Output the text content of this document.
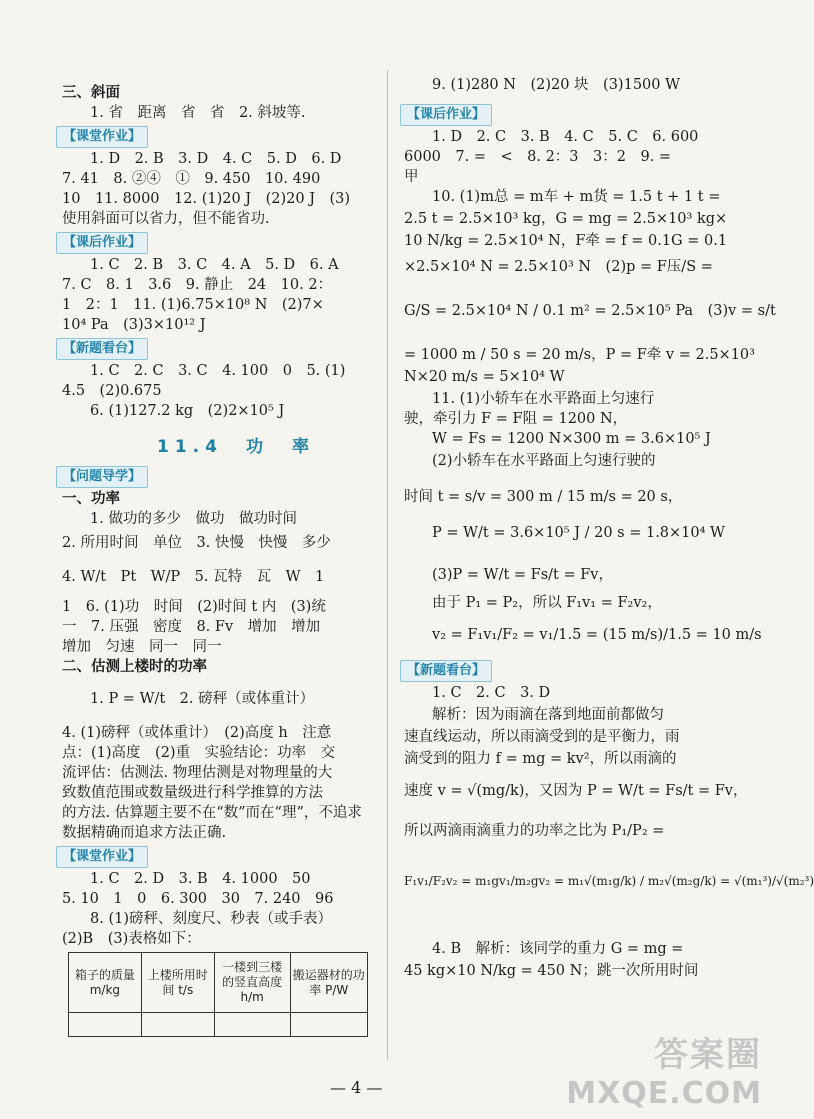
三、斜面
1. 省　距离　省　省　2. 斜坡等.
【 课堂作业 】
1. D　2. B　3. D　4. C　5. D　6. D
7. 41　8. ②④　①　9. 450　10. 490
10　11. 8000　12. (1)20 J　(2)20 J　(3)
使用斜面可以省力，但不能省功.
【 课后作业 】
1. C　2. B　3. C　4. A　5. D　6. A
7. C　8. 1　3.6　9. 静止　24　10. 2：
1　2：1　11. (1)6.75×10⁸ N　(2)7×
10⁴ Pa　(3)3×10¹² J
【 新题看台 】
1. C　2. C　3. C　4. 100　0　5. (1)
4.5　(2)0.675
6. (1)127.2 kg　(2)2×10⁵ J
11.4　功　率
【 问题导学 】
一、功率
1. 做功的多少　做功　做功时间
2. 所用时间　单位　3. 快慢　快慢　多少
4. W/t　Pt　W/P　5. 瓦特　瓦　W　1
1　6. (1)功　时间　(2)时间 t 内　(3)统
一　7. 压强　密度　8. Fv　增加　增加
增加　匀速　同一　同一
二、估测上楼时的功率
1. P = W/t　2. 磅秤（或体重计）
4. (1)磅秤（或体重计）　(2)高度 h　注意
点：(1)高度　(2)重　实验结论：功率　交
流评估：估测法. 物理估测是对物理量的大
致数值范围或数量级进行科学推算的方法
的方法. 估算题主要不在“数”而在“理”，不追求
数据精确而追求方法正确.
【 课堂作业 】
1. C　2. D　3. B　4. 1000　50
5. 10　1　0　6. 300　30　7. 240　96
8. (1)磅秤、刻度尺、秒表（或手表）
(2)B　(3)表格如下：
箱子的质量 m/kg	上楼所用时间 t/s	一楼到三楼的竖直高度 h/m	搬运器材的功率 P/W

9. (1)280 N　(2)20 块　(3)1500 W
【 课后作业 】
1. D　2. C　3. B　4. C　5. C　6. 600
6000　7. =　<　8. 2：3　3：2　9. =
甲
10. (1)m总 = m车 + m货 = 1.5 t + 1 t =
2.5 t = 2.5×10³ kg，G = mg = 2.5×10³ kg×
10 N/kg = 2.5×10⁴ N，F牵 = f = 0.1G = 0.1
×2.5×10⁴ N = 2.5×10³ N　(2)p = F压/S =
G/S = 2.5×10⁴ N / 0.1 m² = 2.5×10⁵ Pa　(3)v = s/t
= 1000 m / 50 s = 20 m/s，P = F牵 v = 2.5×10³
N×20 m/s = 5×10⁴ W
11. (1)小轿车在水平路面上匀速行
驶，牵引力 F = F阻 = 1200 N，
W = Fs = 1200 N×300 m = 3.6×10⁵ J
(2)小轿车在水平路面上匀速行驶的
时间 t = s/v = 300 m / 15 m/s = 20 s，
P = W/t = 3.6×10⁵ J / 20 s = 1.8×10⁴ W
(3)P = W/t = Fs/t = Fv，
由于 P₁ = P₂，所以 F₁v₁ = F₂v₂，
v₂ = F₁v₁/F₂ = v₁/1.5 = (15 m/s)/1.5 = 10 m/s
【 新题看台 】
1. C　2. C　3. D
解析：因为雨滴在落到地面前都做匀
速直线运动，所以雨滴受到的是平衡力，雨
滴受到的阻力 f = mg = kv²，所以雨滴的
速度 v = √(mg/k)，又因为 P = W/t = Fs/t = Fv，
所以两滴雨滴重力的功率之比为 P₁/P₂ =
F₁v₁/F₂v₂ = m₁gv₁/m₂gv₂ = m₁√(m₁g/k) / m₂√(m₂g/k) = √(m₁³)/√(m₂³)
4. B　解析：该同学的重力 G = mg =
45 kg×10 N/kg = 450 N；跳一次所用时间
— 4 —
答案圈
MXQE.COM
